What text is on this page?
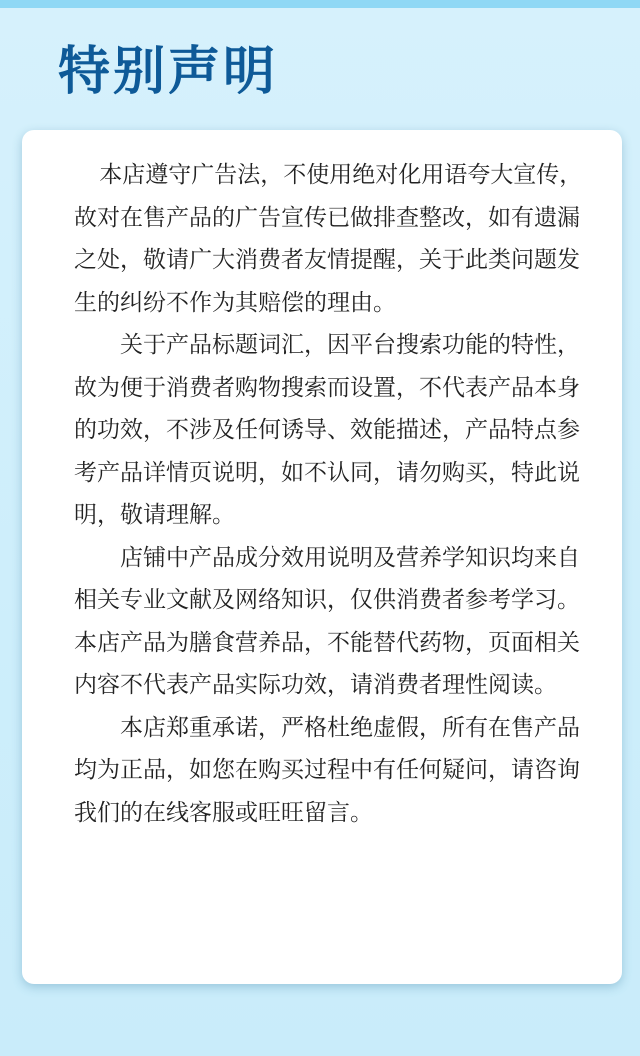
特别声明

本店遵守广告法，不使用绝对化用语夸大宣传，故对在售产品的广告宣传已做排查整改，如有遗漏之处，敬请广大消费者友情提醒，关于此类问题发生的纠纷不作为其赔偿的理由。

关于产品标题词汇，因平台搜索功能的特性，故为便于消费者购物搜索而设置，不代表产品本身的功效，不涉及任何诱导、效能描述，产品特点参考产品详情页说明，如不认同，请勿购买，特此说明，敬请理解。

店铺中产品成分效用说明及营养学知识均来自相关专业文献及网络知识，仅供消费者参考学习。本店产品为膳食营养品，不能替代药物，页面相关内容不代表产品实际功效，请消费者理性阅读。

本店郑重承诺，严格杜绝虚假，所有在售产品均为正品，如您在购买过程中有任何疑问，请咨询我们的在线客服或旺旺留言。
